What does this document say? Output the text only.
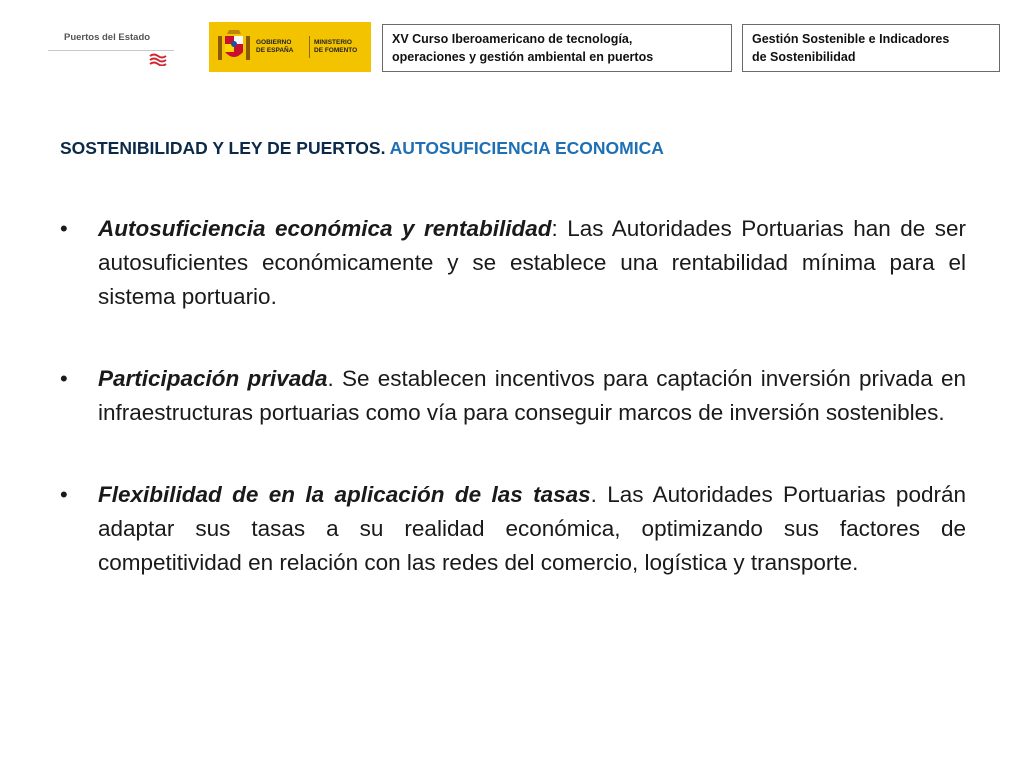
Puertos del Estado	GOBIERNO
DE ESPAÑA
MINISTERIO
DE FOMENTO
XV Curso Iberoamericano de tecnología,
operaciones y gestión ambiental en puertos
Gestión Sostenible e Indicadores
de Sostenibilidad
SOSTENIBILIDAD Y LEY DE PUERTOS. AUTOSUFICIENCIA ECONOMICA
• Autosuficiencia económica y rentabilidad: Las Autoridades Portuarias han de ser autosuficientes económicamente y se establece una rentabilidad mínima para el sistema portuario.
• Participación privada. Se establecen incentivos para captación inversión privada en infraestructuras portuarias como vía para conseguir marcos de inversión sostenibles.
• Flexibilidad de en la aplicación de las tasas. Las Autoridades Portuarias podrán adaptar sus tasas a su realidad económica, optimizando sus factores de competitividad en relación con las redes del comercio, logística y transporte.
